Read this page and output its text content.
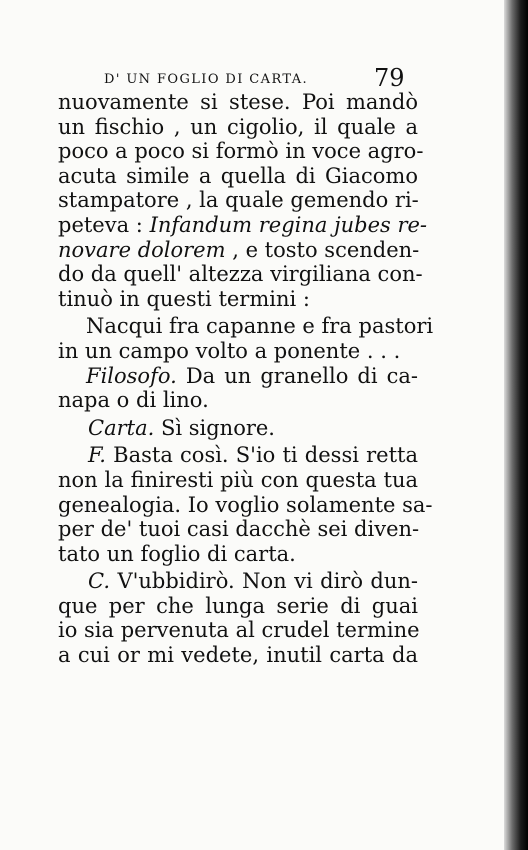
D' UN FOGLIO DI CARTA.	79
nuovamente si stese. Poi mandò
un fischio , un cigolio, il quale a
poco a poco si formò in voce agro-
acuta simile a quella di Giacomo
stampatore , la quale gemendo ri-
peteva : Infandum regina jubes re-
novare dolorem , e tosto scenden-
do da quell' altezza virgiliana con-
tinuò in questi termini :
Nacqui fra capanne e fra pastori
in un campo volto a ponente . . .
Filosofo. Da un granello di ca-
napa o di lino.
Carta. Sì signore.
F. Basta così. S'io ti dessi retta
non la finiresti più con questa tua
genealogia. Io voglio solamente sa-
per de' tuoi casi dacchè sei diven-
tato un foglio di carta.
C. V'ubbidirò. Non vi dirò dun-
que per che lunga serie di guai
io sia pervenuta al crudel termine
a cui or mi vedete, inutil carta da
